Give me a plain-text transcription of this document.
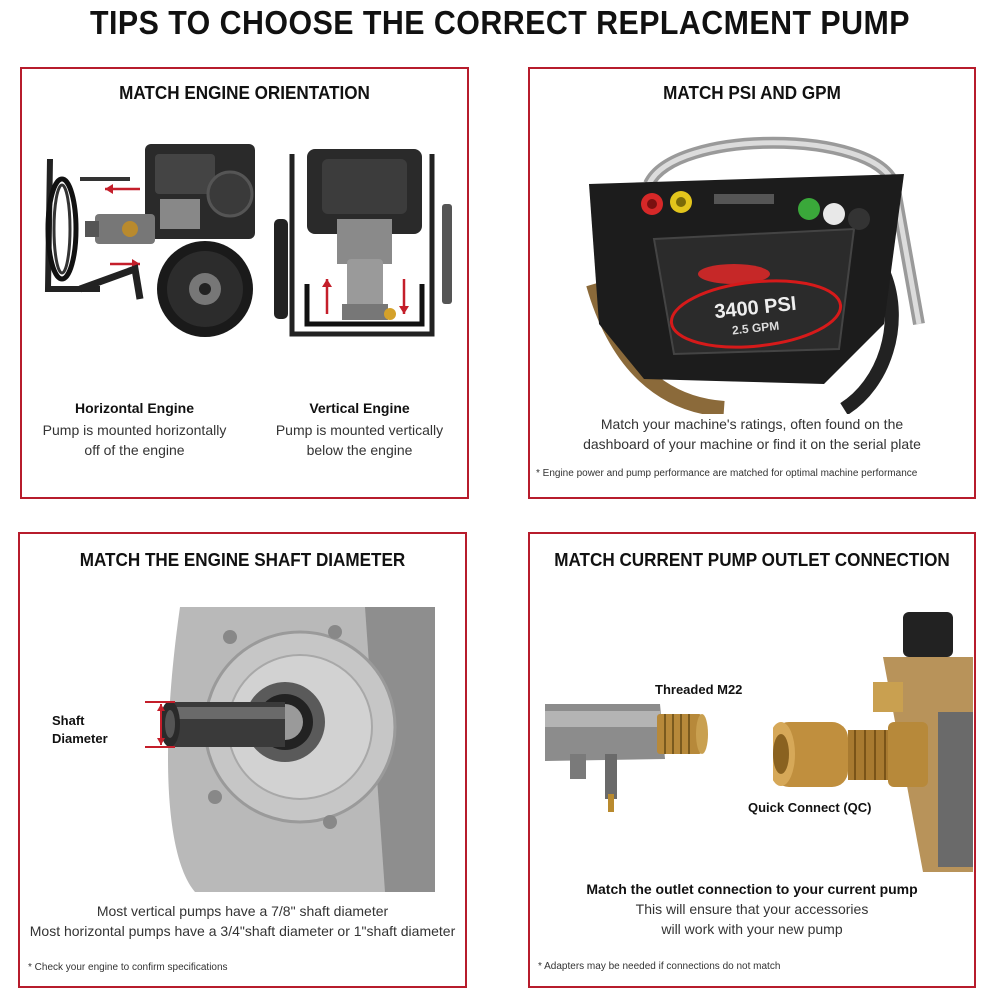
TIPS TO CHOOSE THE CORRECT REPLACMENT PUMP
MATCH ENGINE ORIENTATION
Horizontal Engine
Pump is mounted horizontally
off of the engine
Vertical Engine
Pump is mounted vertically
below the engine
MATCH PSI AND GPM
3400 PSI
2.5 GPM
Match your machine's ratings, often found on the
dashboard of your machine or find it on the serial plate
* Engine power and pump performance are matched for optimal machine performance
MATCH THE ENGINE SHAFT DIAMETER
Shaft
Diameter
Most vertical pumps have a 7/8" shaft diameter
Most horizontal pumps have a 3/4"shaft diameter or 1"shaft diameter
* Check your engine to confirm specifications
MATCH CURRENT PUMP OUTLET CONNECTION
Threaded M22
Quick Connect (QC)
Match the outlet connection to your current pump
This will ensure that your accessories
will work with your new pump
* Adapters may be needed if connections do not match
